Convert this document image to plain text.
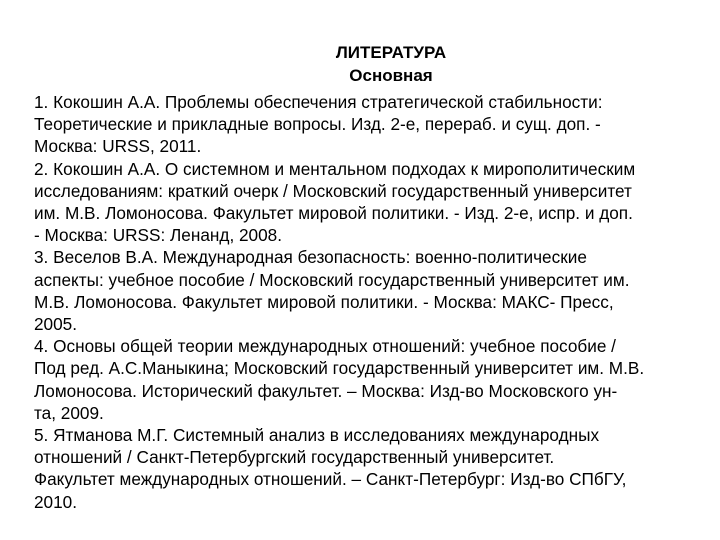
ЛИТЕРАТУРА
Основная
1. Кокошин А.А. Проблемы обеспечения стратегической стабильности:
Теоретические и прикладные вопросы. Изд. 2-е, перераб. и сущ. доп. -
Москва: URSS, 2011.
2. Кокошин А.А. О системном и ментальном подходах к мирополитическим
исследованиям: краткий очерк / Московский государственный университет
им. М.В. Ломоносова. Факультет мировой политики. - Изд. 2-е, испр. и доп.
- Москва: URSS: Ленанд, 2008.
3. Веселов В.А. Международная безопасность: военно-политические
аспекты: учебное пособие / Московский государственный университет им.
М.В. Ломоносова. Факультет мировой политики. - Москва: МАКС- Пресс,
2005.
4. Основы общей теории международных отношений: учебное пособие /
Под ред. А.С.Маныкина; Московский государственный университет им. М.В.
Ломоносова. Исторический факультет. – Москва: Изд-во Московского ун-
та, 2009.
5. Ятманова М.Г. Системный анализ в исследованиях международных
отношений / Санкт-Петербургский государственный университет.
Факультет международных отношений. – Санкт-Петербург: Изд-во СПбГУ,
2010.
